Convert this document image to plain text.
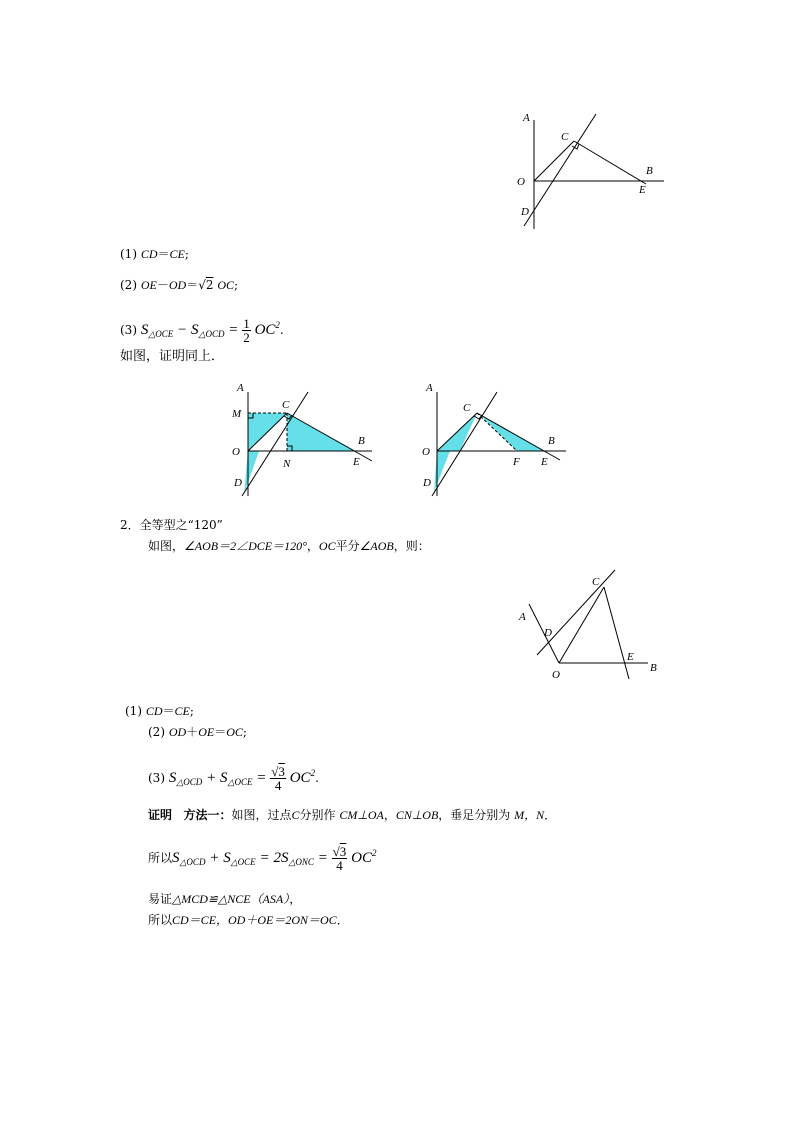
A
C
B
O
E
D
(1) CD＝CE;
(2) OE－OD＝√2 OC;
(3) $S_{\triangle OCE} - S_{\triangle OCD} = \frac{1}{2} OC^2$.
如图，证明同上．
A
M
C
B
O
N	E
D
A
C
B
O
F E
D
2．全等型之“120”
如图，∠AOB＝2∠DCE＝120°，OC平分∠AOB，则：
C
A
D
E
B
O
(1) CD＝CE;
(2) OD＋OE＝OC;
(3) $S_{\triangle OCD} + S_{\triangle OCE} = \frac{√3}{4} OC^2$.
证明 方法一：如图，过点C分别作 CM⊥OA，CN⊥OB，垂足分别为 M，N．
所以$S_{\triangle OCD} + S_{\triangle OCE} = 2S_{\triangle ONC} = \frac{√3}{4} OC^2$
易证△MCD≌△NCE（ASA），
所以CD＝CE，OD＋OE＝2ON＝OC．
